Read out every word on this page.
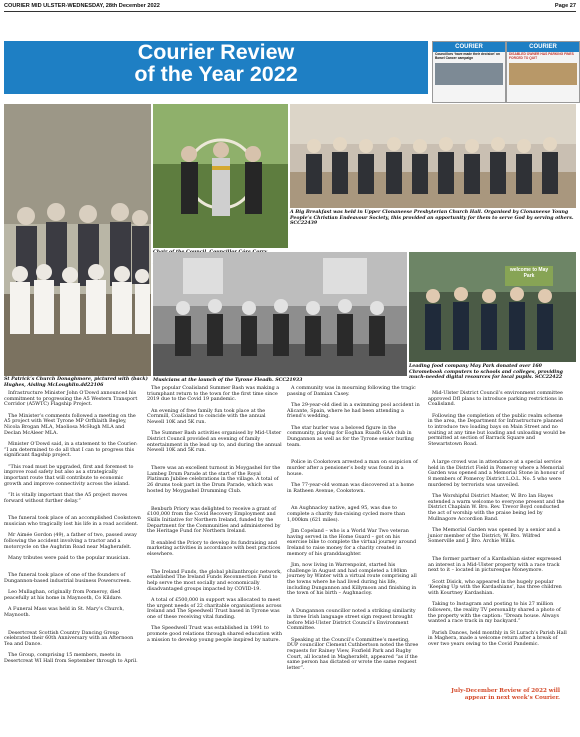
COURIER MID ULSTER-WEDNESDAY, 28th December 2022	Page 27
Courier Review
of the Year 2022
COURIER
Councillors ‘have made their decision’ on Bowel Cancer campaign
COURIER
DISABLED OWNER HAS PARKING FINES FORCED TO QUIT
St Patrick’s Church Donaghmore, pictured with (back) Hughes, Aisling McLoughlin.dd22106
A Big Breakfast was held in Upper Clonaneese Presbyterian Church Hall. Organised by Clonaneese Young People’s Christian Endeavour Society, this provided an opportunity for them to serve God by serving others. SCC22439
Musicians at the launch of the Tyrone Fleadh. SCC21933
welcome to May Park
Leading food company May Park donated over 160 Chromebook computers to schools and colleges, providing much-needed digital resources for local pupils. SCC22422

Infrastructure Minister John O’Dowd announced his commitment to progressing the A5 Western Transport Corridor (A5WTC) Flagship Project.

The Minister’s comments followed a meeting on the A5 project with West Tyrone MP Orfhlaith Begley, Nicola Brogan MLA, Maoliosa McHugh MLA and Declan McAleer MLA.

Minister O’Dowd said, in a statement to the Courier: “I am determined to do all that I can to progress this significant flagship project.

“This road must be upgraded, first and foremost to improve road safety but also as a strategically important route that will contribute to economic growth and improve connectivity across the island.

“It is vitally important that the A5 project moves forward without further delay.”

The funeral took place of an accomplished Cookstown musician who tragically lost his life in a road accident.

Mr Aimée Gordon (49), a father of two, passed away following the accident involving a tractor and a motorcycle on the Aughrim Road near Magherafelt.

Many tributes were paid to the popular musician.

The funeral took place of one of the founders of Dungannon-based industrial business Powerscreen.

Leo Mullaghan, originally from Pomeroy, died peacefully at his home in Maynooth, Co Kildare.

A Funeral Mass was held in St. Mary’s Church, Maynooth.

Desertcreat Scottish Country Dancing Group celebrated their 60th Anniversary with an Afternoon Tea and Dance.

The Group, comprising 15 members, meets in Desertcreat WI Hall from September through to April.

The popular Coalisland Summer Bash was making a triumphant return to the town for the first time since 2019 due to the Covid 19 pandemic.

An evening of free family fun took place at the Cornmill, Coalisland to coincide with the annual Newell 10K and 5K run.

The Summer Bash activities organised by Mid-Ulster District Council provided an evening of family entertainment in the lead up to, and during the annual Newell 10K and 5K run.

There was an excellent turnout in Moygashel for the Lambeg Drum Parade at the start of the Royal Platinum Jubilee celebrations in the village. A total of 26 drums took part in the Drum Parade, which was hosted by Moygashel Drumming Club.

Benburb Priory was delighted to receive a grant of £100,000 from the Covid Recovery Employment and Skills Initiative for Northern Ireland, funded by the Department for the Communities and administered by the Heritage Fund for Northern Ireland.

It enabled the Priory to develop its fundraising and marketing activities in accordance with best practices elsewhere.

The Ireland Funds, the global philanthropic network, established The Ireland Funds Reconnection Fund to help serve the most socially and economically disadvantaged groups impacted by COVID-19.

A total of £500,000 in support was allocated to meet the urgent needs of 22 charitable organisations across Ireland and The Speedwell Trust based in Tyrone was one of these receiving vital funding.

The Speedwell Trust was established in 1991 to promote good relations through shared education with a mission to develop young people inspired by nature.

A community was in mourning following the tragic passing of Damian Casey.

The 29-year-old died in a swimming pool accident in Alicante, Spain, where he had been attending a friend’s wedding.

The star hurler was a beloved figure in the community, playing for Eoghan Ruadh GAA club in Dungannon as well as for the Tyrone senior hurling team.

Police in Cookstown arrested a man on suspicion of murder after a pensioner’s body was found in a house.

The 77-year-old woman was discovered at a home in Ratheen Avenue, Cookstown.

An Aughnacloy native, aged 95, was due to complete a charity fun-raising cycled more than 1,000km (621 miles).

Jim Copeland – who is a World War Two veteran having served in the Home Guard – got on his exercise bike to complete the virtual journey around Ireland to raise money for a charity created in memory of his granddaughter.

Jim, now living in Warrenpoint, started his challenge in August and had completed a 180km journey by Winter with a virtual route comprising all the towns where he had lived during his life, including Dungannon and Killymoon and finishing in the town of his birth – Aughnacloy.

A Dungannon councillor noted a striking similarity in three Irish language street sign request brought before Mid-Ulster District Council’s Environment Committee.

Speaking at the Council’s Committee’s meeting, DUP councillor Clement Cuthbertson noted the three requests for Rainey View, Foxfield Park and Rugby Court, all located in Magherafelt, appeared “as if the same person has dictated or wrote the same request letter”.

Mid-Ulster District Council’s environment committee approved DfI plans to introduce parking restrictions in Coalisland.

Following the completion of the public realm scheme in the area, the Department for Infrastructure planned to introduce two loading bays on Main Street and no waiting at any time but loading and unloading would be permitted at section of Barrack Square and Stewartstown Road.

A large crowd was in attendance at a special service held in the District Field in Pomeroy where a Memorial Garden was opened and a Memorial Stone in honour of 8 members of Pomeroy District L.O.L. No. 5 who were murdered by terrorists was unveiled.

The Worshipful District Master, W. Bro Ian Hayes extended a warm welcome to everyone present and the District Chaplain W. Bro. Rev. Trevor Boyd conducted the act of worship with the praise being led by Mullnagore Accordion Band.

The Memorial Garden was opened by a senior and a junior member of the District; W. Bro. Wilfred Somerville and J. Bro. Archie Willis.

The former partner of a Kardashian sister expressed an interest in a Mid-Ulster property with a race track next to it – located in picturesque Moneymore.

Scott Disick, who appeared in the hugely popular ‘Keeping Up with the Kardashians’, has three children with Kourtney Kardashian.

Taking to Instagram and posting to his 27 million followers, the reality TV personality shared a photo of the property with the caption: “Dream house. Always wanted a race track in my backyard.”

Parish Dances, held monthly in St Lurach’s Parish Hall in Maghera, made a welcome return after a break of over two years owing to the Covid Pandemic.

July-December Review of 2022 will
appear in next week’s Courier.
